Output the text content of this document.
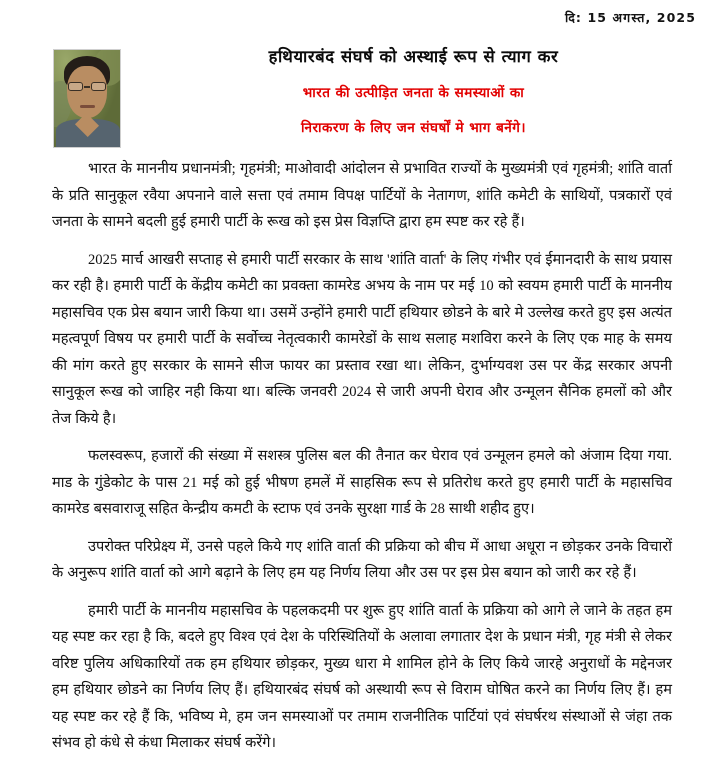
दि: 15 अगस्त, 2025
हथियारबंद संघर्ष को अस्थाई रूप से त्याग कर
भारत की उत्पीड़ित जनता के समस्याओं का
निराकरण के लिए जन संघर्षों मे भाग बनेंगे।

भारत के माननीय प्रधानमंत्री; गृहमंत्री; माओवादी आंदोलन से प्रभावित राज्यों के मुख्यमंत्री एवं गृहमंत्री; शांति वार्ता के प्रति सानुकूल रवैया अपनाने वाले सत्ता एवं तमाम विपक्ष पार्टियों के नेतागण, शांति कमेटी के साथियों, पत्रकारों एवं जनता के सामने बदली हुई हमारी पार्टी के रूख को इस प्रेस विज्ञप्ति द्वारा हम स्पष्ट कर रहे हैं।

2025 मार्च आखरी सप्ताह से हमारी पार्टी सरकार के साथ 'शांति वार्ता' के लिए गंभीर एवं ईमानदारी के साथ प्रयास कर रही है। हमारी पार्टी के केंद्रीय कमेटी का प्रवक्ता कामरेड अभय के नाम पर मई 10 को स्वयम हमारी पार्टी के माननीय महासचिव एक प्रेस बयान जारी किया था। उसमें उन्होंने हमारी पार्टी हथियार छोडने के बारे मे उल्लेख करते हुए इस अत्यंत महत्वपूर्ण विषय पर हमारी पार्टी के सर्वोच्च नेतृत्वकारी कामरेडों के साथ सलाह मशविरा करने के लिए एक माह के समय की मांग करते हुए सरकार के सामने सीज फायर का प्रस्ताव रखा था। लेकिन, दुर्भाग्यवश उस पर केंद्र सरकार अपनी सानुकूल रूख को जाहिर नही किया था। बल्कि जनवरी 2024 से जारी अपनी घेराव और उन्मूलन सैनिक हमलों को और तेज किये है।

फलस्वरूप, हजारों की संख्या में सशस्त्र पुलिस बल की तैनात कर घेराव एवं उन्मूलन हमले को अंजाम दिया गया. माड के गुंडेकोट के पास 21 मई को हुई भीषण हमलें में साहसिक रूप से प्रतिरोध करते हुए हमारी पार्टी के महासचिव कामरेड बसवाराजू सहित केन्द्रीय कमटी के स्टाफ एवं उनके सुरक्षा गार्ड के 28 साथी शहीद हुए।

उपरोक्त परिप्रेक्ष्य में, उनसे पहले किये गए शांति वार्ता की प्रक्रिया को बीच में आधा अधूरा न छोड़कर उनके विचारों के अनुरूप शांति वार्ता को आगे बढ़ाने के लिए हम यह निर्णय लिया और उस पर इस प्रेस बयान को जारी कर रहे हैं।

हमारी पार्टी के माननीय महासचिव के पहलकदमी पर शुरू हुए शांति वार्ता के प्रक्रिया को आगे ले जाने के तहत हम यह स्पष्ट कर रहा है कि, बदले हुए विश्व एवं देश के परिस्थितियों के अलावा लगातार देश के प्रधान मंत्री, गृह मंत्री से लेकर वरिष्ट पुलिय अधिकारियों तक हम हथियार छोड़कर, मुख्य धारा मे शामिल होने के लिए किये जारहे अनुराधों के मद्देनजर हम हथियार छोडने का निर्णय लिए हैं। हथियारबंद संघर्ष को अस्थायी रूप से विराम घोषित करने का निर्णय लिए हैं। हम यह स्पष्ट कर रहे हैं कि, भविष्य मे, हम जन समस्याओं पर तमाम राजनीतिक पार्टियां एवं संघर्षरथ संस्थाओं से जंहा तक संभव हो कंधे से कंधा मिलाकर संघर्ष करेंगे।
